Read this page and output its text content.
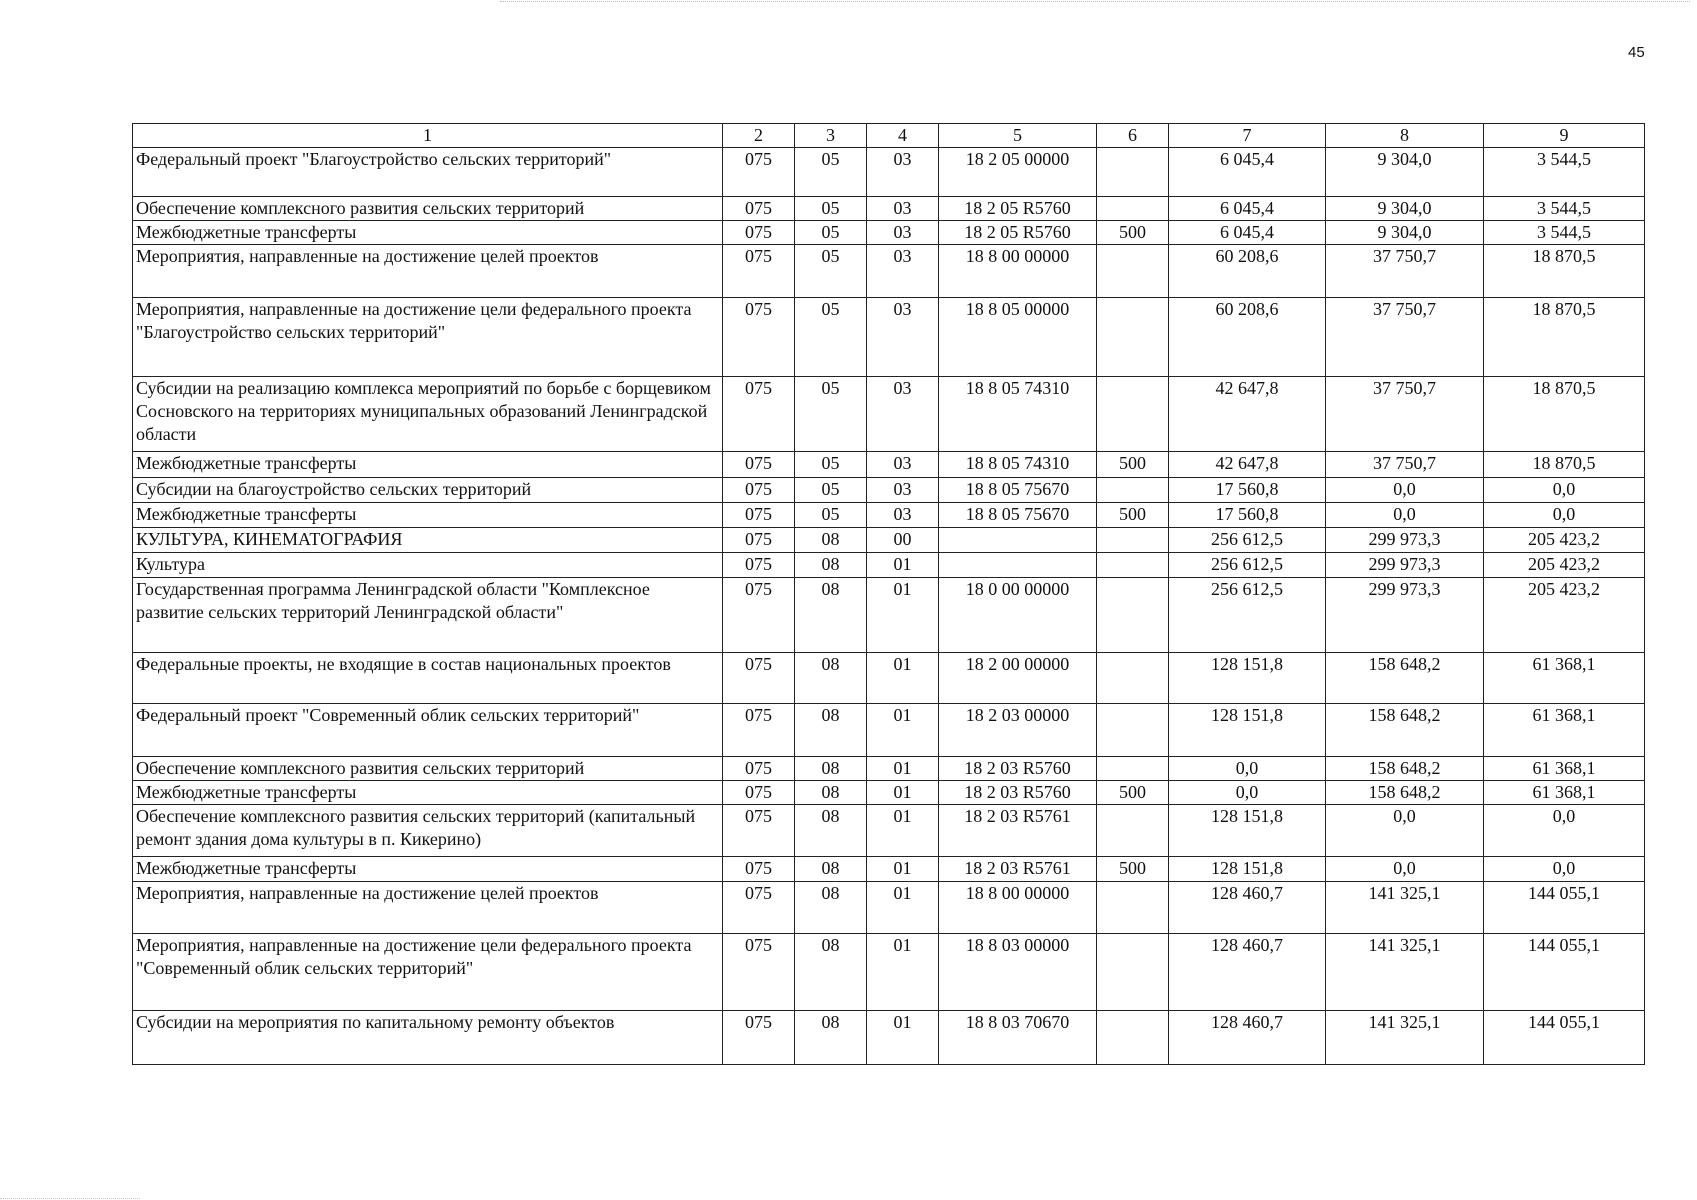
45
1	2	3	4	5	6	7	8	9
Федеральный проект "Благоустройство сельских территорий"	075	05	03	18 2 05 00000		6 045,4	9 304,0	3 544,5
Обеспечение комплексного развития сельских территорий	075	05	03	18 2 05 R5760		6 045,4	9 304,0	3 544,5
Межбюджетные трансферты	075	05	03	18 2 05 R5760	500	6 045,4	9 304,0	3 544,5
Мероприятия, направленные на достижение целей проектов	075	05	03	18 8 00 00000		60 208,6	37 750,7	18 870,5
Мероприятия, направленные на достижение цели федерального проекта "Благоустройство сельских территорий"	075	05	03	18 8 05 00000		60 208,6	37 750,7	18 870,5
Субсидии на реализацию комплекса мероприятий по борьбе с борщевиком Сосновского на территориях муниципальных образований Ленинградской области	075	05	03	18 8 05 74310		42 647,8	37 750,7	18 870,5
Межбюджетные трансферты	075	05	03	18 8 05 74310	500	42 647,8	37 750,7	18 870,5
Субсидии на благоустройство сельских территорий	075	05	03	18 8 05 75670		17 560,8	0,0	0,0
Межбюджетные трансферты	075	05	03	18 8 05 75670	500	17 560,8	0,0	0,0
КУЛЬТУРА, КИНЕМАТОГРАФИЯ	075	08	00			256 612,5	299 973,3	205 423,2
Культура	075	08	01			256 612,5	299 973,3	205 423,2
Государственная программа Ленинградской области "Комплексное развитие сельских территорий Ленинградской области"	075	08	01	18 0 00 00000		256 612,5	299 973,3	205 423,2
Федеральные проекты, не входящие в состав национальных проектов	075	08	01	18 2 00 00000		128 151,8	158 648,2	61 368,1
Федеральный проект "Современный облик сельских территорий"	075	08	01	18 2 03 00000		128 151,8	158 648,2	61 368,1
Обеспечение комплексного развития сельских территорий	075	08	01	18 2 03 R5760		0,0	158 648,2	61 368,1
Межбюджетные трансферты	075	08	01	18 2 03 R5760	500	0,0	158 648,2	61 368,1
Обеспечение комплексного развития сельских территорий (капитальный ремонт здания дома культуры в п. Кикерино)	075	08	01	18 2 03 R5761		128 151,8	0,0	0,0
Межбюджетные трансферты	075	08	01	18 2 03 R5761	500	128 151,8	0,0	0,0
Мероприятия, направленные на достижение целей проектов	075	08	01	18 8 00 00000		128 460,7	141 325,1	144 055,1
Мероприятия, направленные на достижение цели федерального проекта "Современный облик сельских территорий"	075	08	01	18 8 03 00000		128 460,7	141 325,1	144 055,1
Субсидии на мероприятия по капитальному ремонту объектов	075	08	01	18 8 03 70670		128 460,7	141 325,1	144 055,1
